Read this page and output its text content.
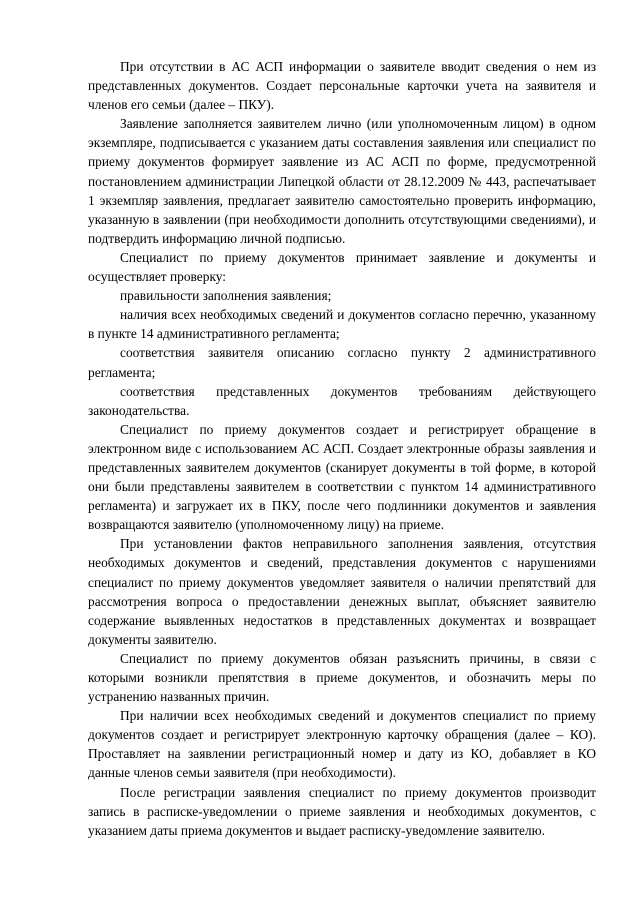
При отсутствии в АС АСП информации о заявителе вводит сведения о нем из представленных документов. Создает персональные карточки учета на заявителя и членов его семьи (далее – ПКУ).

Заявление заполняется заявителем лично (или уполномоченным лицом) в одном экземпляре, подписывается с указанием даты составления заявления или специалист по приему документов формирует заявление из АС АСП по форме, предусмотренной постановлением администрации Липецкой области от 28.12.2009 № 443, распечатывает 1 экземпляр заявления, предлагает заявителю самостоятельно проверить информацию, указанную в заявлении (при необходимости дополнить отсутствующими сведениями), и подтвердить информацию личной подписью.

Специалист по приему документов принимает заявление и документы и осуществляет проверку:

правильности заполнения заявления;

наличия всех необходимых сведений и документов согласно перечню, указанному в пункте 14 административного регламента;

соответствия заявителя описанию согласно пункту 2 административного регламента;

соответствия представленных документов требованиям действующего законодательства.

Специалист по приему документов создает и регистрирует обращение в электронном виде с использованием АС АСП. Создает электронные образы заявления и представленных заявителем документов (сканирует документы в той форме, в которой они были представлены заявителем в соответствии с пунктом 14 административного регламента) и загружает их в ПКУ, после чего подлинники документов и заявления возвращаются заявителю (уполномоченному лицу) на приеме.

При установлении фактов неправильного заполнения заявления, отсутствия необходимых документов и сведений, представления документов с нарушениями специалист по приему документов уведомляет заявителя о наличии препятствий для рассмотрения вопроса о предоставлении денежных выплат, объясняет заявителю содержание выявленных недостатков в представленных документах и возвращает документы заявителю.

Специалист по приему документов обязан разъяснить причины, в связи с которыми возникли препятствия в приеме документов, и обозначить меры по устранению названных причин.

При наличии всех необходимых сведений и документов специалист по приему документов создает и регистрирует электронную карточку обращения (далее – КО). Проставляет на заявлении регистрационный номер и дату из КО, добавляет в КО данные членов семьи заявителя (при необходимости).

После регистрации заявления специалист по приему документов производит запись в расписке-уведомлении о приеме заявления и необходимых документов, с указанием даты приема документов и выдает расписку-уведомление заявителю.
